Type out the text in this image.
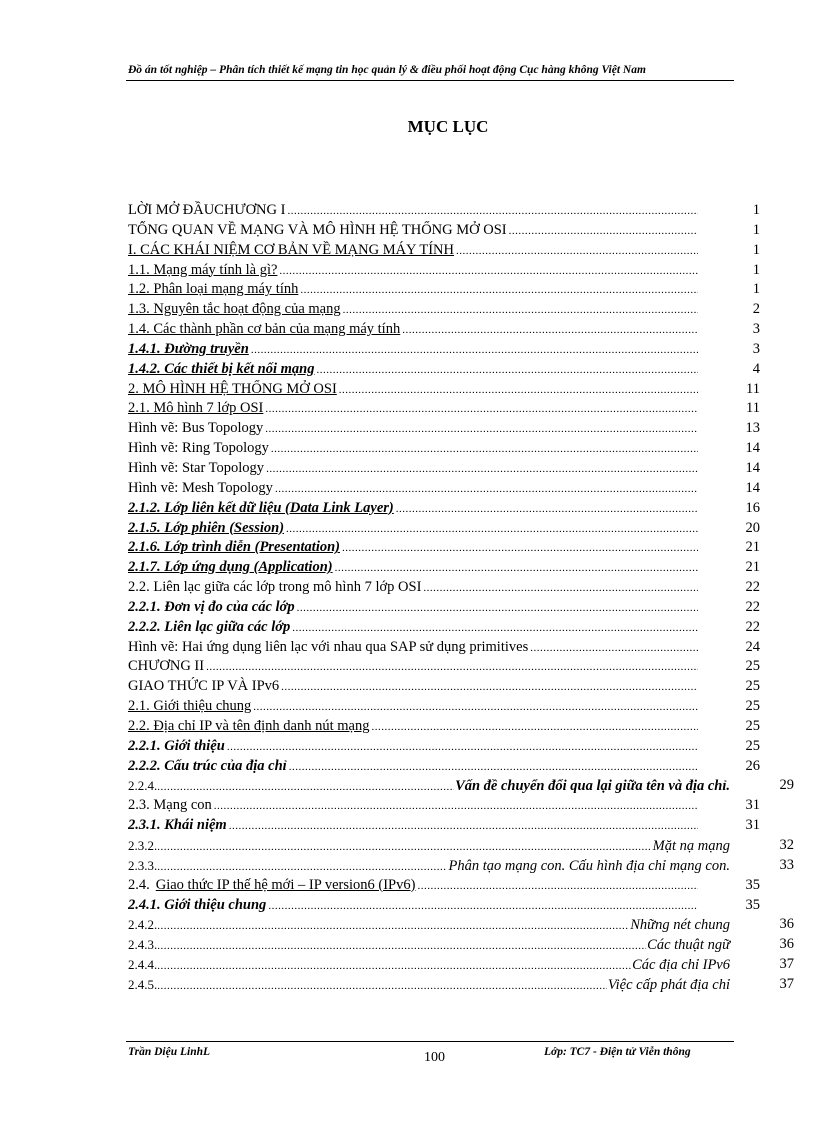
Đồ án tốt nghiệp – Phân tích thiết kế mạng tin học quản lý & điều phối hoạt động Cục hàng không Việt Nam
MỤC LỤC
LỜI MỞ ĐẦUCHƯƠNG I .....	1
TỔNG QUAN VỀ MẠNG VÀ MÔ HÌNH HỆ THỐNG MỞ OSI .....	1
I. CÁC KHÁI NIỆM CƠ BẢN VỀ MẠNG MÁY TÍNH .....	1
1.1. Mạng máy tính là gì? .....	1
1.2. Phân loại mạng máy tính .....	1
1.3. Nguyên tắc hoạt động của mạng .....	2
1.4. Các thành phần cơ bản của mạng máy tính .....	3
1.4.1. Đường truyền .....	3
1.4.2. Các thiết bị kết nối mạng .....	4
2. MÔ HÌNH HỆ THỐNG MỞ OSI .....	11
2.1. Mô hình 7 lớp OSI .....	11
Hình vẽ: Bus Topology .....	13
Hình vẽ: Ring Topology .....	14
Hình vẽ: Star Topology .....	14
Hình vẽ: Mesh Topology .....	14
2.1.2. Lớp liên kết dữ liệu (Data Link Layer) .....	16
2.1.5. Lớp phiên (Session) .....	20
2.1.6. Lớp trình diễn (Presentation) .....	21
2.1.7. Lớp ứng dụng (Application) .....	21
2.2. Liên lạc giữa các lớp trong mô hình 7 lớp OSI .....	22
2.2.1. Đơn vị đo của các lớp .....	22
2.2.2. Liên lạc giữa các lớp .....	22
Hình vẽ: Hai ứng dụng liên lạc với nhau qua SAP sử dụng primitives .....	24
CHƯƠNG II .....	25
GIAO THỨC IP VÀ IPv6 .....	25
2.1. Giới thiệu chung .....	25
2.2. Địa chỉ IP và tên định danh nút mạng .....	25
2.2.1. Giới thiệu .....	25
2.2.2. Cấu trúc của địa chỉ .....	26
2.2.4. .....	Vấn đề chuyển đổi qua lại giữa tên và địa chỉ.	29
2.3. Mạng con .....	31
2.3.1. Khái niệm .....	31
2.3.2. .....	Mặt nạ mạng	32
2.3.3. .....	Phân tạo mạng con. Cấu hình địa chỉ mạng con.	33
2.4. Giao thức IP thế hệ mới – IP version6 (IPv6) .....	35
2.4.1. Giới thiệu chung .....	35
2.4.2. .....	Những nét chung	36
2.4.3. .....	Các thuật ngữ	36
2.4.4. .....	Các địa chỉ IPv6	37
2.4.5. .....	Việc cấp phát địa chỉ	37
Trần Diệu LinhL	100	Lớp: TC7 - Điện tử Viễn thông
